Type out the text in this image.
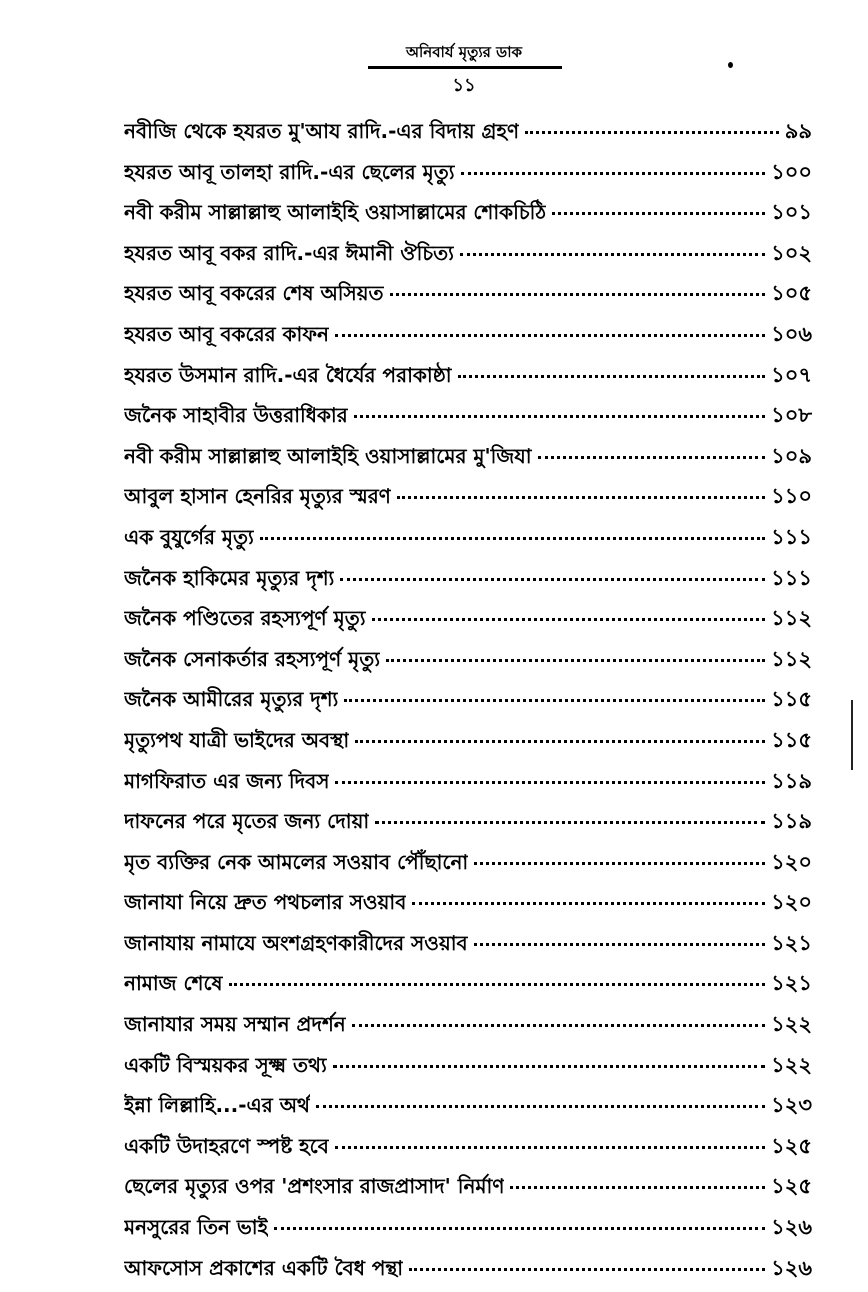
অনিবার্য মৃত্যুর ডাক
১১
নবীজি থেকে হযরত মু'আয রাদি.-এর বিদায় গ্রহণ	৯৯
হযরত আবূ তালহা রাদি.-এর ছেলের মৃত্যু	১০০
নবী করীম সাল্লাল্লাহু আলাইহি ওয়াসাল্লামের শোকচিঠি	১০১
হযরত আবূ বকর রাদি.-এর ঈমানী ঔচিত্য	১০২
হযরত আবূ বকরের শেষ অসিয়ত	১০৫
হযরত আবূ বকরের কাফন	১০৬
হযরত উসমান রাদি.-এর ধৈর্যের পরাকাষ্ঠা	১০৭
জনৈক সাহাবীর উত্তরাধিকার	১০৮
নবী করীম সাল্লাল্লাহু আলাইহি ওয়াসাল্লামের মু'জিযা	১০৯
আবুল হাসান হেনরির মৃত্যুর স্মরণ	১১০
এক বুযুর্গের মৃত্যু	১১১
জনৈক হাকিমের মৃত্যুর দৃশ্য	১১১
জনৈক পণ্ডিতের রহস্যপূর্ণ মৃত্যু	১১২
জনৈক সেনাকর্তার রহস্যপূর্ণ মৃত্যু	১১২
জনৈক আমীরের মৃত্যুর দৃশ্য	১১৫
মৃত্যুপথ যাত্রী ভাইদের অবস্থা	১১৫
মাগফিরাত এর জন্য দিবস	১১৯
দাফনের পরে মৃতের জন্য দোয়া	১১৯
মৃত ব্যক্তির নেক আমলের সওয়াব পৌঁছানো	১২০
জানাযা নিয়ে দ্রুত পথচলার সওয়াব	১২০
জানাযায় নামাযে অংশগ্রহণকারীদের সওয়াব	১২১
নামাজ শেষে	১২১
জানাযার সময় সম্মান প্রদর্শন	১২২
একটি বিস্ময়কর সূক্ষ্ম তথ্য	১২২
ইন্না লিল্লাহি...-এর অর্থ	১২৩
একটি উদাহরণে স্পষ্ট হবে	১২৫
ছেলের মৃত্যুর ওপর 'প্রশংসার রাজপ্রাসাদ' নির্মাণ	১২৫
মনসুরের তিন ভাই	১২৬
আফসোস প্রকাশের একটি বৈধ পন্থা	১২৬
